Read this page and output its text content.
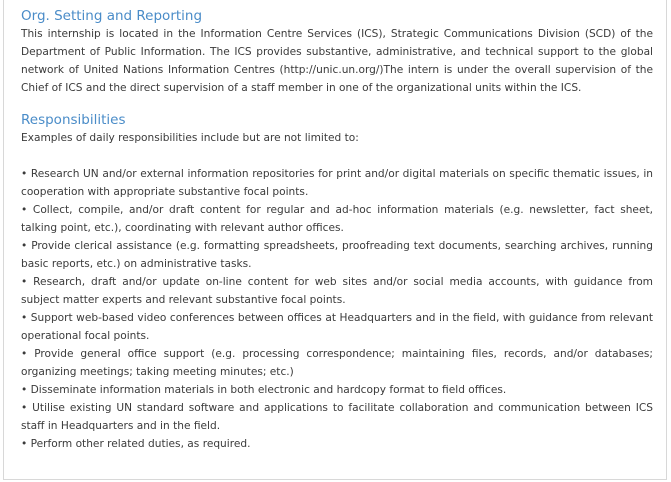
Org. Setting and Reporting

This internship is located in the Information Centre Services (ICS), Strategic Communications Division (SCD) of the Department of Public Information. The ICS provides substantive, administrative, and technical support to the global network of United Nations Information Centres (http://unic.un.org/)The intern is under the overall supervision of the Chief of ICS and the direct supervision of a staff member in one of the organizational units within the ICS.

Responsibilities

Examples of daily responsibilities include but are not limited to:

• Research UN and/or external information repositories for print and/or digital materials on specific thematic issues, in cooperation with appropriate substantive focal points.
• Collect, compile, and/or draft content for regular and ad-hoc information materials (e.g. newsletter, fact sheet, talking point, etc.), coordinating with relevant author offices.
• Provide clerical assistance (e.g. formatting spreadsheets, proofreading text documents, searching archives, running basic reports, etc.) on administrative tasks.
• Research, draft and/or update on-line content for web sites and/or social media accounts, with guidance from subject matter experts and relevant substantive focal points.
• Support web-based video conferences between offices at Headquarters and in the field, with guidance from relevant operational focal points.
• Provide general office support (e.g. processing correspondence; maintaining files, records, and/or databases; organizing meetings; taking meeting minutes; etc.)
• Disseminate information materials in both electronic and hardcopy format to field offices.
• Utilise existing UN standard software and applications to facilitate collaboration and communication between ICS staff in Headquarters and in the field.
• Perform other related duties, as required.
